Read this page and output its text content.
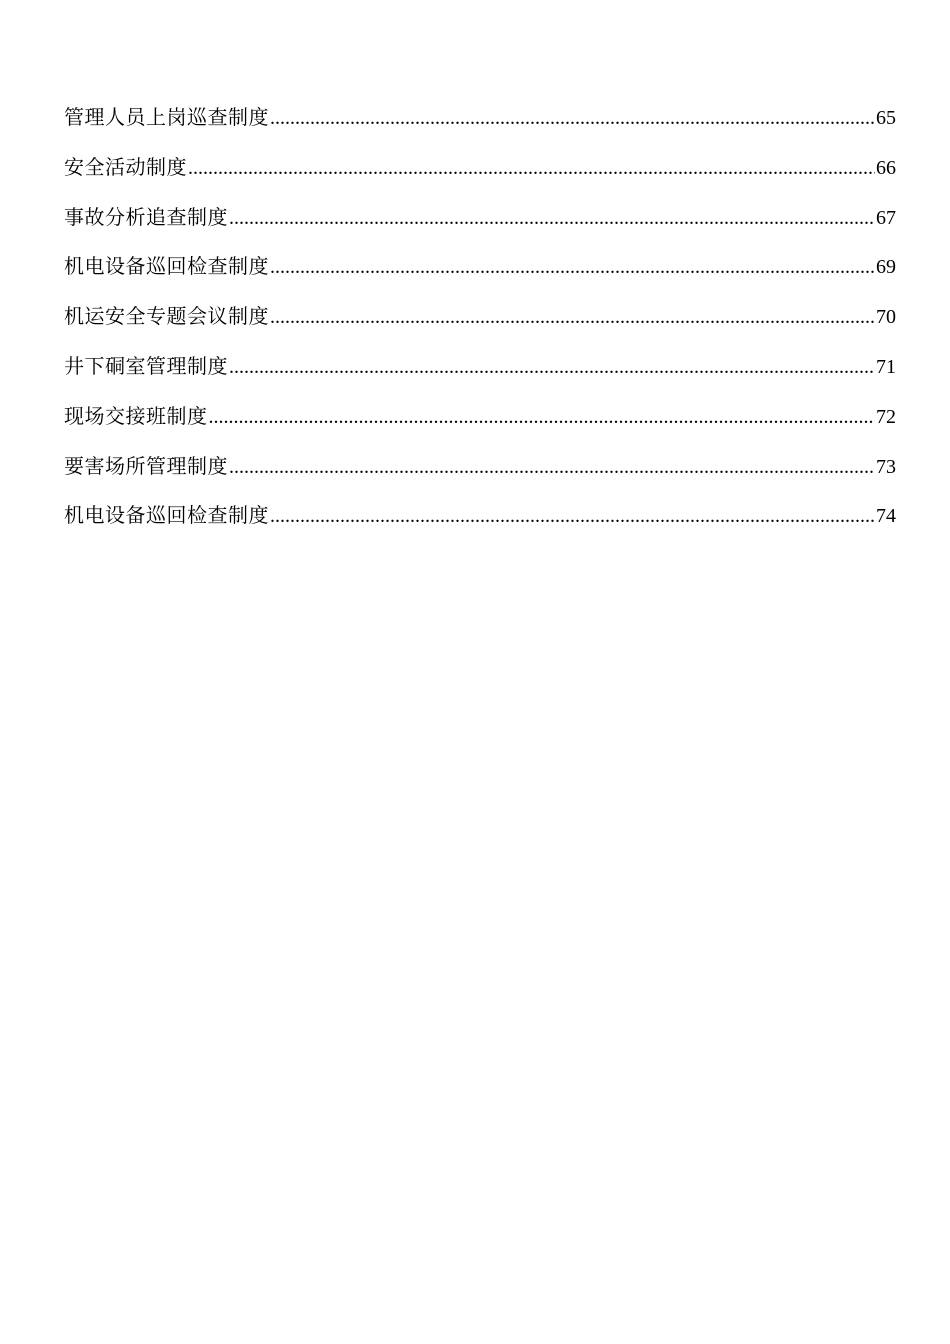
管理人员上岗巡查制度 .....	65
安全活动制度 .....	66
事故分析追查制度 .....	67
机电设备巡回检查制度 .....	69
机运安全专题会议制度 .....	70
井下硐室管理制度 .....	71
现场交接班制度 .....	72
要害场所管理制度 .....	73
机电设备巡回检查制度 .....	74
